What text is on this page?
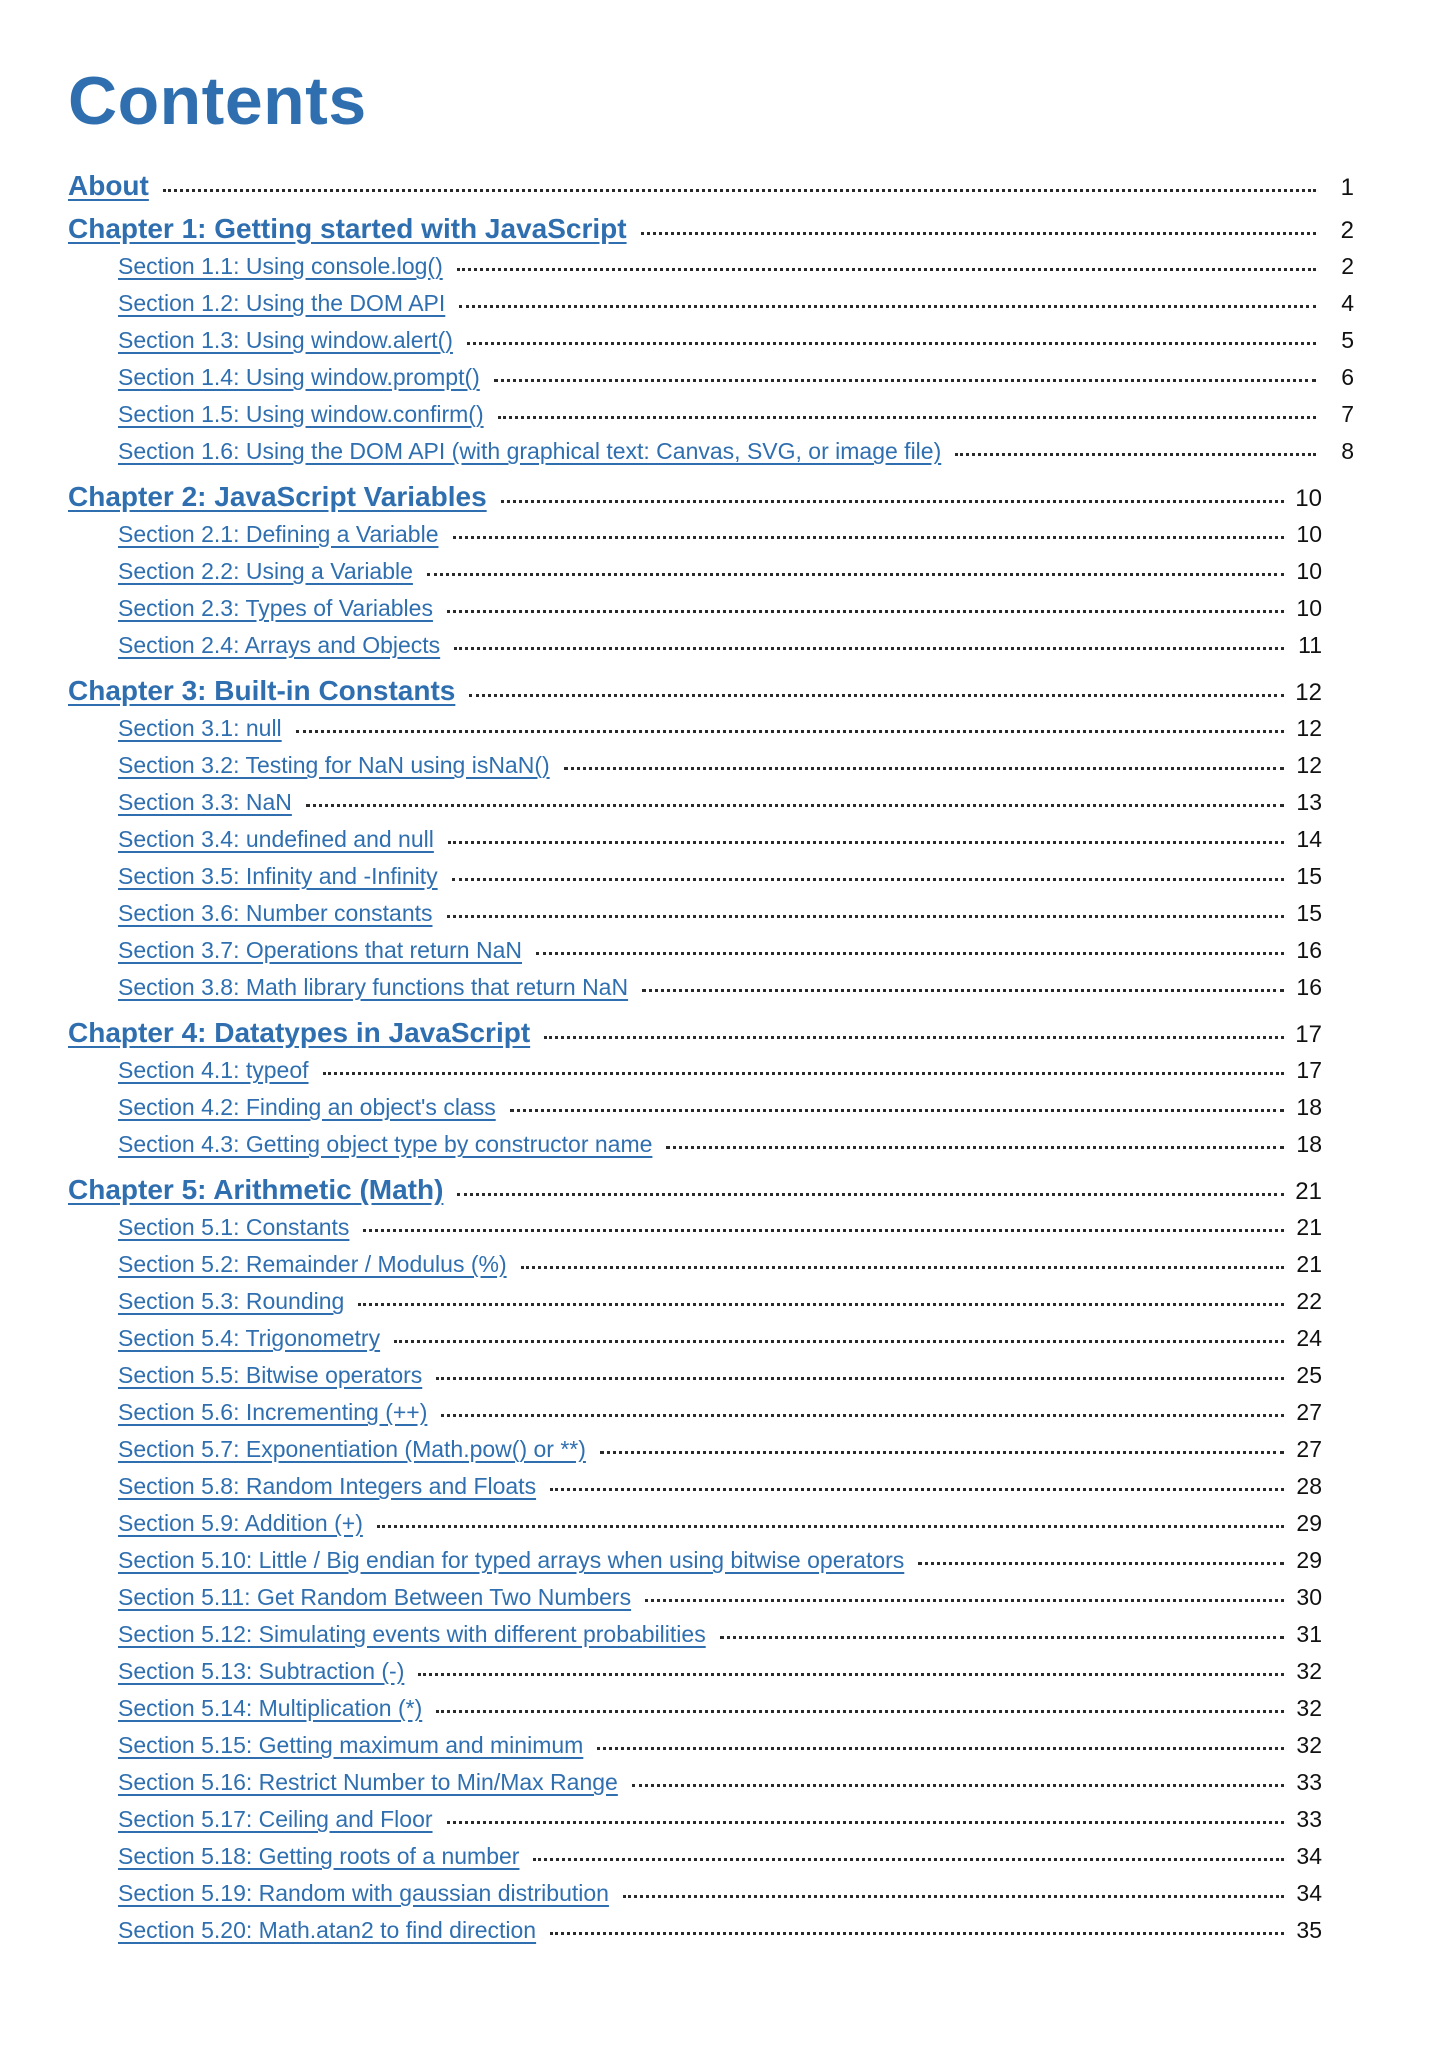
Contents
About	1
Chapter 1: Getting started with JavaScript	2
Section 1.1: Using console.log()	2
Section 1.2: Using the DOM API	4
Section 1.3: Using window.alert()	5
Section 1.4: Using window.prompt()	6
Section 1.5: Using window.confirm()	7
Section 1.6: Using the DOM API (with graphical text: Canvas, SVG, or image file)	8
Chapter 2: JavaScript Variables	10
Section 2.1: Defining a Variable	10
Section 2.2: Using a Variable	10
Section 2.3: Types of Variables	10
Section 2.4: Arrays and Objects	11
Chapter 3: Built-in Constants	12
Section 3.1: null	12
Section 3.2: Testing for NaN using isNaN()	12
Section 3.3: NaN	13
Section 3.4: undefined and null	14
Section 3.5: Infinity and -Infinity	15
Section 3.6: Number constants	15
Section 3.7: Operations that return NaN	16
Section 3.8: Math library functions that return NaN	16
Chapter 4: Datatypes in JavaScript	17
Section 4.1: typeof	17
Section 4.2: Finding an object's class	18
Section 4.3: Getting object type by constructor name	18
Chapter 5: Arithmetic (Math)	21
Section 5.1: Constants	21
Section 5.2: Remainder / Modulus (%)	21
Section 5.3: Rounding	22
Section 5.4: Trigonometry	24
Section 5.5: Bitwise operators	25
Section 5.6: Incrementing (++)	27
Section 5.7: Exponentiation (Math.pow() or **)	27
Section 5.8: Random Integers and Floats	28
Section 5.9: Addition (+)	29
Section 5.10: Little / Big endian for typed arrays when using bitwise operators	29
Section 5.11: Get Random Between Two Numbers	30
Section 5.12: Simulating events with different probabilities	31
Section 5.13: Subtraction (-)	32
Section 5.14: Multiplication (*)	32
Section 5.15: Getting maximum and minimum	32
Section 5.16: Restrict Number to Min/Max Range	33
Section 5.17: Ceiling and Floor	33
Section 5.18: Getting roots of a number	34
Section 5.19: Random with gaussian distribution	34
Section 5.20: Math.atan2 to find direction	35
